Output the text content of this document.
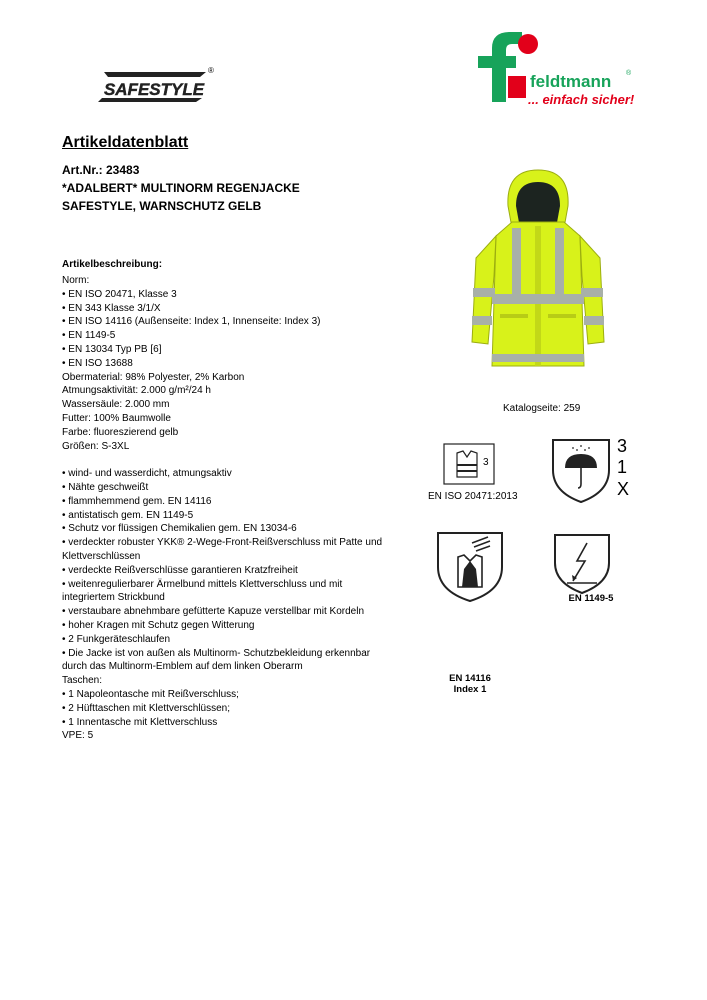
SAFESTYLE
®
feldtmann ®
... einfach sicher!
Artikeldatenblatt
Art.Nr.: 23483
*ADALBERT* MULTINORM REGENJACKE
SAFESTYLE, WARNSCHUTZ GELB
Artikelbeschreibung:
Norm:
• EN ISO 20471, Klasse 3
• EN 343 Klasse 3/1/X
• EN ISO 14116 (Außenseite: Index 1, Innenseite: Index 3)
• EN 1149-5
• EN 13034 Typ PB [6]
• EN ISO 13688
Obermaterial: 98% Polyester, 2% Karbon
Atmungsaktivität: 2.000 g/m²/24 h
Wassersäule: 2.000 mm
Futter: 100% Baumwolle
Farbe: fluoreszierend gelb
Größen: S-3XL

• wind- und wasserdicht, atmungsaktiv
• Nähte geschweißt
• flammhemmend gem. EN 14116
• antistatisch gem. EN 1149-5
• Schutz vor flüssigen Chemikalien gem. EN 13034-6
• verdeckter robuster YKK® 2-Wege-Front-Reißverschluss mit Patte und
Klettverschlüssen
• verdeckte Reißverschlüsse garantieren Kratzfreiheit
• weitenregulierbarer Ärmelbund mittels Klettverschluss und mit
integriertem Strickbund
• verstaubare abnehmbare gefütterte Kapuze verstellbar mit Kordeln
• hoher Kragen mit Schutz gegen Witterung
• 2 Funkgeräteschlaufen
• Die Jacke ist von außen als Multinorm- Schutzbekleidung erkennbar
durch das Multinorm-Emblem auf dem linken Oberarm
Taschen:
• 1 Napoleontasche mit Reißverschluss;
• 2 Hüfttaschen mit Klettverschlüssen;
• 1 Innentasche mit Klettverschluss
VPE: 5
Katalogseite: 259
3
EN ISO 20471:2013
3
1
X
EN 14116
Index 1
EN 1149-5
